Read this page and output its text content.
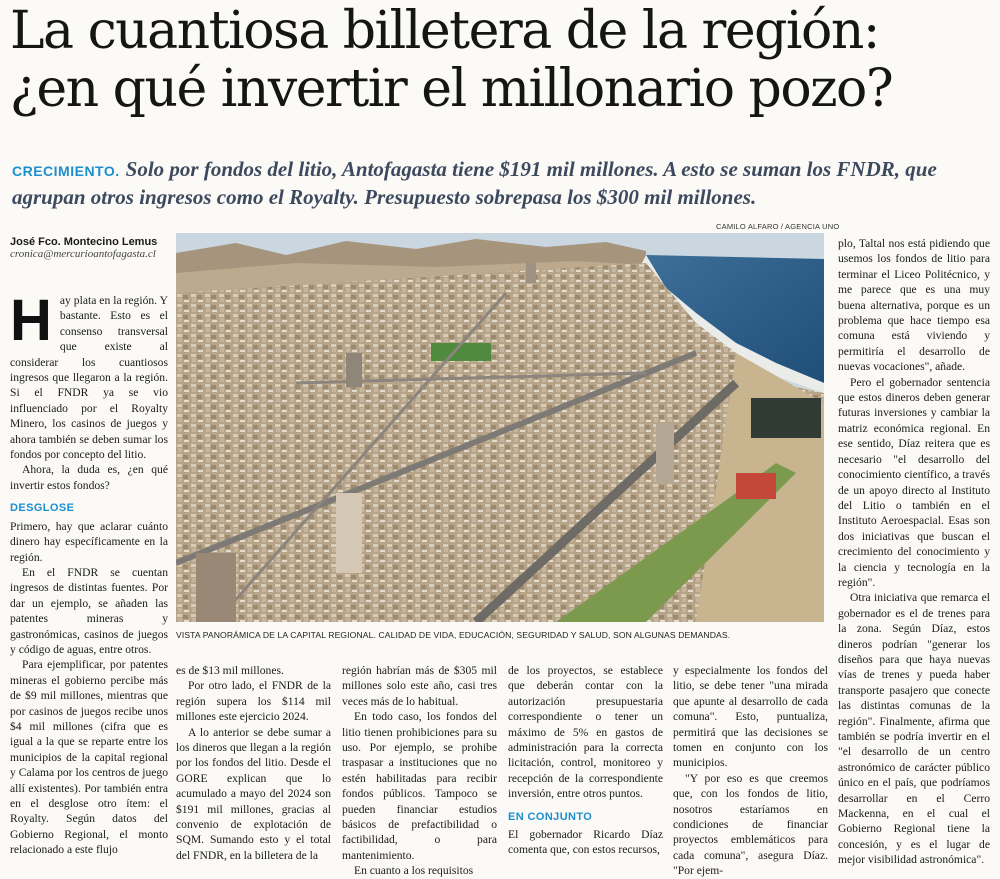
La cuantiosa billetera de la región:
¿en qué invertir el millonario pozo?

CRECIMIENTO. Solo por fondos del litio, Antofagasta tiene $191 mil millones. A esto se suman los FNDR, que agrupan otros ingresos como el Royalty. Presupuesto sobrepasa los $300 mil millones.

José Fco. Montecino Lemus
cronica@mercurioantofagasta.cl
CAMILO ALFARO / AGENCIA UNO
VISTA PANORÁMICA DE LA CAPITAL REGIONAL. CALIDAD DE VIDA, EDUCACIÓN, SEGURIDAD Y SALUD, SON ALGUNAS DEMANDAS.
H ay plata en la región. Y bastante. Esto es el consenso transversal que existe al considerar los cuantiosos ingresos que llegaron a la región. Si el FNDR ya se vio influenciado por el Royalty Minero, los casinos de juegos y ahora también se deben sumar los fondos por concepto del litio.

Ahora, la duda es, ¿en qué invertir estos fondos?

DESGLOSE

Primero, hay que aclarar cuánto dinero hay específicamente en la región.

En el FNDR se cuentan ingresos de distintas fuentes. Por dar un ejemplo, se añaden las patentes mineras y gastronómicas, casinos de juegos y código de aguas, entre otros.

Para ejemplificar, por patentes mineras el gobierno percibe más de $9 mil millones, mientras que por casinos de juegos recibe unos $4 mil millones (cifra que es igual a la que se reparte entre los municipios de la capital regional y Calama por los centros de juego allí existentes). Por también entra en el desglose otro ítem: el Royalty. Según datos del Gobierno Regional, el monto relacionado a este flujo

es de $13 mil millones.

Por otro lado, el FNDR de la región supera los $114 mil millones este ejercicio 2024.

A lo anterior se debe sumar a los dineros que llegan a la región por los fondos del litio. Desde el GORE explican que lo acumulado a mayo del 2024 son $191 mil millones, gracias al convenio de explotación de SQM. Sumando esto y el total del FNDR, en la billetera de la

región habrían más de $305 mil millones solo este año, casi tres veces más de lo habitual.

En todo caso, los fondos del litio tienen prohibiciones para su uso. Por ejemplo, se prohibe traspasar a instituciones que no estén habilitadas para recibir fondos públicos. Tampoco se pueden financiar estudios básicos de prefactibilidad o factibilidad, o para mantenimiento.

En cuanto a los requisitos

de los proyectos, se establece que deberán contar con la autorización presupuestaria correspondiente o tener un máximo de 5% en gastos de administración para la correcta licitación, control, monitoreo y recepción de la correspondiente inversión, entre otros puntos.

EN CONJUNTO

El gobernador Ricardo Díaz comenta que, con estos recursos,

y especialmente los fondos del litio, se debe tener "una mirada que apunte al desarrollo de cada comuna". Esto, puntualiza, permitirá que las decisiones se tomen en conjunto con los municipios.

"Y por eso es que creemos que, con los fondos de litio, nosotros estaríamos en condiciones de financiar proyectos emblemáticos para cada comuna", asegura Díaz. "Por ejem-

plo, Taltal nos está pidiendo que usemos los fondos de litio para terminar el Liceo Politécnico, y me parece que es una muy buena alternativa, porque es un problema que hace tiempo esa comuna está viviendo y permitiría el desarrollo de nuevas vocaciones", añade.

Pero el gobernador sentencia que estos dineros deben generar futuras inversiones y cambiar la matriz económica regional. En ese sentido, Díaz reitera que es necesario "el desarrollo del conocimiento científico, a través de un apoyo directo al Instituto del Litio o también en el Instituto Aeroespacial. Esas son dos iniciativas que buscan el crecimiento del conocimiento y la ciencia y tecnología en la región".

Otra iniciativa que remarca el gobernador es el de trenes para la zona. Según Díaz, estos dineros podrían "generar los diseños para que haya nuevas vías de trenes y pueda haber transporte pasajero que conecte las distintas comunas de la región". Finalmente, afirma que también se podría invertir en el "el desarrollo de un centro astronómico de carácter público único en el país, que podríamos desarrollar en el Cerro Mackenna, en el cual el Gobierno Regional tiene la concesión, y es el lugar de mejor visibilidad astronómica".
